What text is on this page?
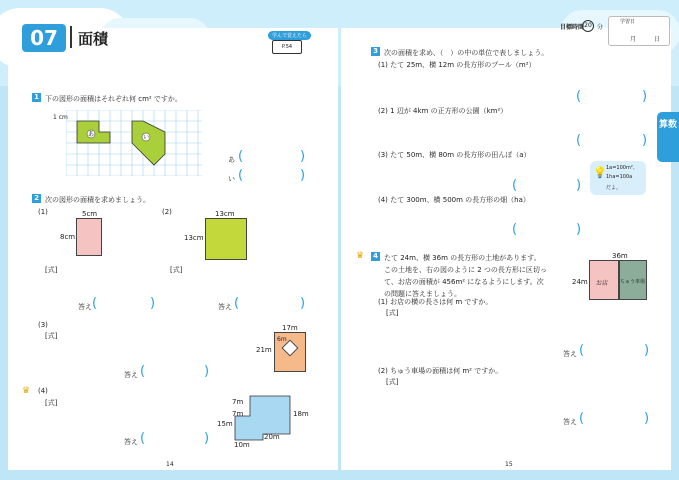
07	面積	学んで覚えたら
P.54
目標時間 20 分
学習日
月	日
算数
1 下の図形の面積はそれぞれ何 cm² ですか。
1 cm
あ	い
あ (	)
い (	)
2 次の図形の面積を求めましょう。
(1)	5cm
8cm
(2)	13cm
13cm
[式]	[式]
答え (	)	答え (	)
(3)
[式]
17m
21m
6m
答え (	)
♛ (4)
[式]	7m
7m	18m
15m
20m
10m
答え (	)
14
3 次の面積を求め、（　）の中の単位で表しましょう。
(1) たて 25m、横 12m の長方形のプール（m²）
(2) 1 辺が 4km の正方形の公園（km²）
(3) たて 50m、横 80m の長方形の田んぼ（a）
(4) たて 300m、横 500m の長方形の畑（ha）
(	)
(	)
(	)
(	)
💡 1a=100m²、
1ha=100a
だよ。
♛ 4 たて 24m、横 36m の長方形の土地があります。
この土地を、右の図のように 2 つの長方形に区切っ
て、お店の面積が 456m² になるようにします。次
の問題に答えましょう。
36m
24m お店 ちゅう車場
(1) お店の横の長さは何 m ですか。
[式]
答え (	)
(2) ちゅう車場の面積は何 m² ですか。
[式]
答え (	)
15
